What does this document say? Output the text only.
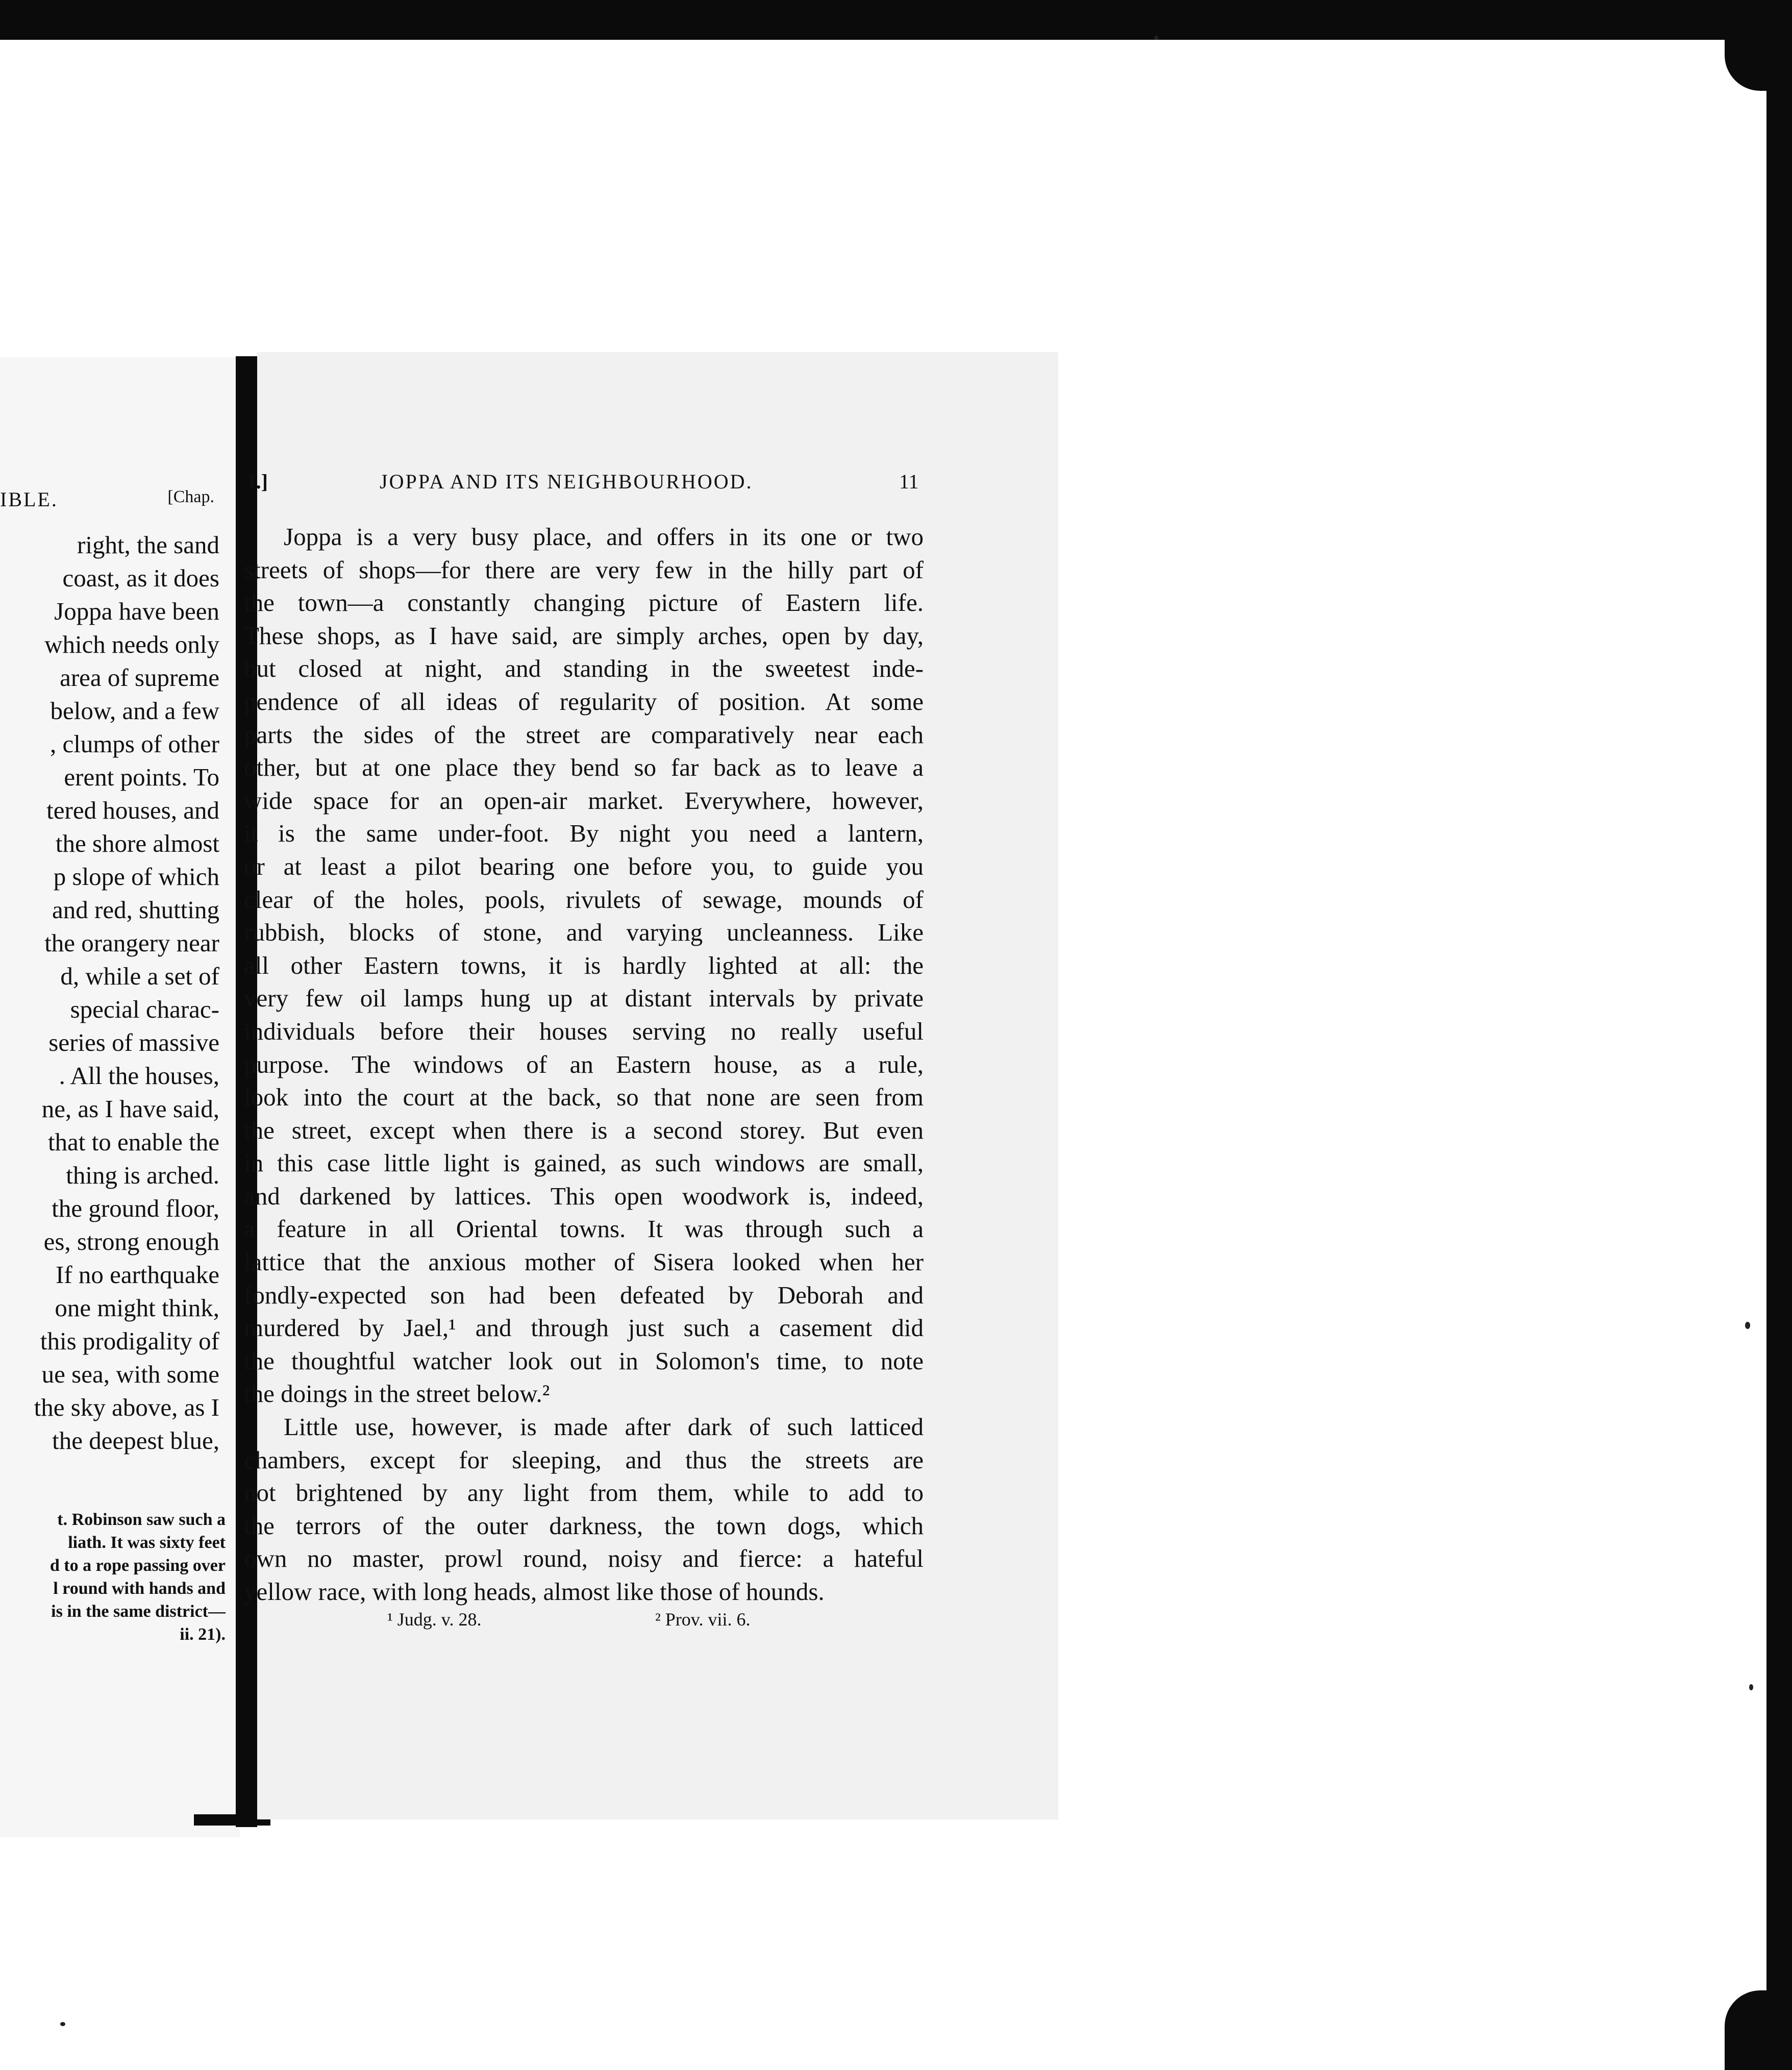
IBLE.	[Chap.
right, the sand
coast, as it does
Joppa have been
which needs only
area of supreme
below, and a few
, clumps of other
erent points. To
tered houses, and
the shore almost
p slope of which
and red, shutting
the orangery near
d, while a set of
special charac-
series of massive
. All the houses,
ne, as I have said,
that to enable the
thing is arched.
the ground floor,
es, strong enough
If no earthquake
one might think,
this prodigality of
ue sea, with some
the sky above, as I
the deepest blue,
t. Robinson saw such a
liath. It was sixty feet
d to a rope passing over
l round with hands and
is in the same district—
ii. 21).
I.]	JOPPA AND ITS NEIGHBOURHOOD.	11
Joppa is a very busy place, and offers in its one or two
streets of shops—for there are very few in the hilly part of
the town—a constantly changing picture of Eastern life.
These shops, as I have said, are simply arches, open by day,
but closed at night, and standing in the sweetest inde-
pendence of all ideas of regularity of position. At some
parts the sides of the street are comparatively near each
other, but at one place they bend so far back as to leave a
wide space for an open-air market. Everywhere, however,
it is the same under-foot. By night you need a lantern,
or at least a pilot bearing one before you, to guide you
clear of the holes, pools, rivulets of sewage, mounds of
rubbish, blocks of stone, and varying uncleanness. Like
all other Eastern towns, it is hardly lighted at all: the
very few oil lamps hung up at distant intervals by private
individuals before their houses serving no really useful
purpose. The windows of an Eastern house, as a rule,
look into the court at the back, so that none are seen from
the street, except when there is a second storey. But even
in this case little light is gained, as such windows are small,
and darkened by lattices. This open woodwork is, indeed,
a feature in all Oriental towns. It was through such a
lattice that the anxious mother of Sisera looked when her
fondly-expected son had been defeated by Deborah and
murdered by Jael,¹ and through just such a casement did
the thoughtful watcher look out in Solomon's time, to note
the doings in the street below.²
Little use, however, is made after dark of such latticed
chambers, except for sleeping, and thus the streets are
not brightened by any light from them, while to add to
the terrors of the outer darkness, the town dogs, which
own no master, prowl round, noisy and fierce: a hateful
yellow race, with long heads, almost like those of hounds.
¹ Judg. v. 28.	² Prov. vii. 6.
